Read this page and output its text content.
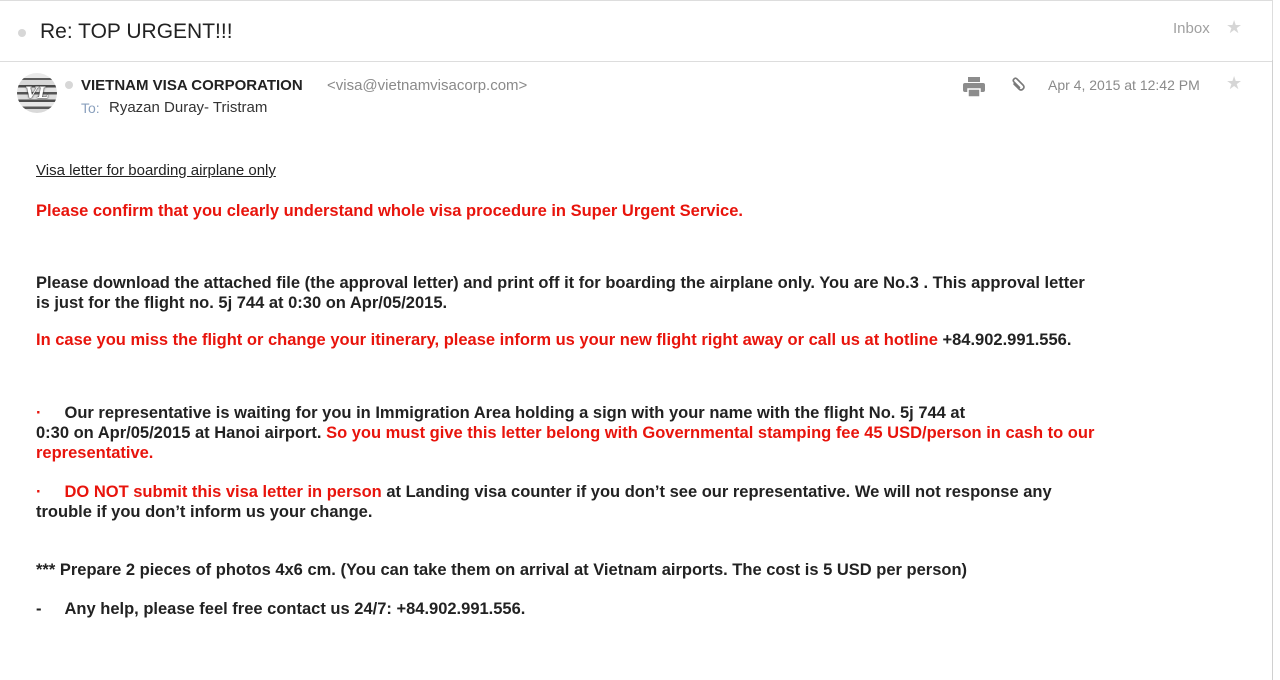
Re: TOP URGENT!!!	Inbox ★
VL	VIETNAM VISA CORPORATION <visa@vietnamvisacorp.com>
To: Ryazan Duray- Tristram
Apr 4, 2015 at 12:42 PM ★
Visa letter for boarding airplane only
Please confirm that you clearly understand whole visa procedure in Super Urgent Service.
Please download the attached file (the approval letter) and print off it for boarding the airplane only. You are No.3 . This approval letter
is just for the flight no. 5j 744 at 0:30 on Apr/05/2015.
In case you miss the flight or change your itinerary, please inform us your new flight right away or call us at hotline +84.902.991.556.
· Our representative is waiting for you in Immigration Area holding a sign with your name with the flight No. 5j 744 at
0:30 on Apr/05/2015 at Hanoi airport. So you must give this letter belong with Governmental stamping fee 45 USD/person in cash to our
representative.
· DO NOT submit this visa letter in person at Landing visa counter if you don’t see our representative. We will not response any
trouble if you don’t inform us your change.
*** Prepare 2 pieces of photos 4x6 cm. (You can take them on arrival at Vietnam airports. The cost is 5 USD per person)
- Any help, please feel free contact us 24/7: +84.902.991.556.
